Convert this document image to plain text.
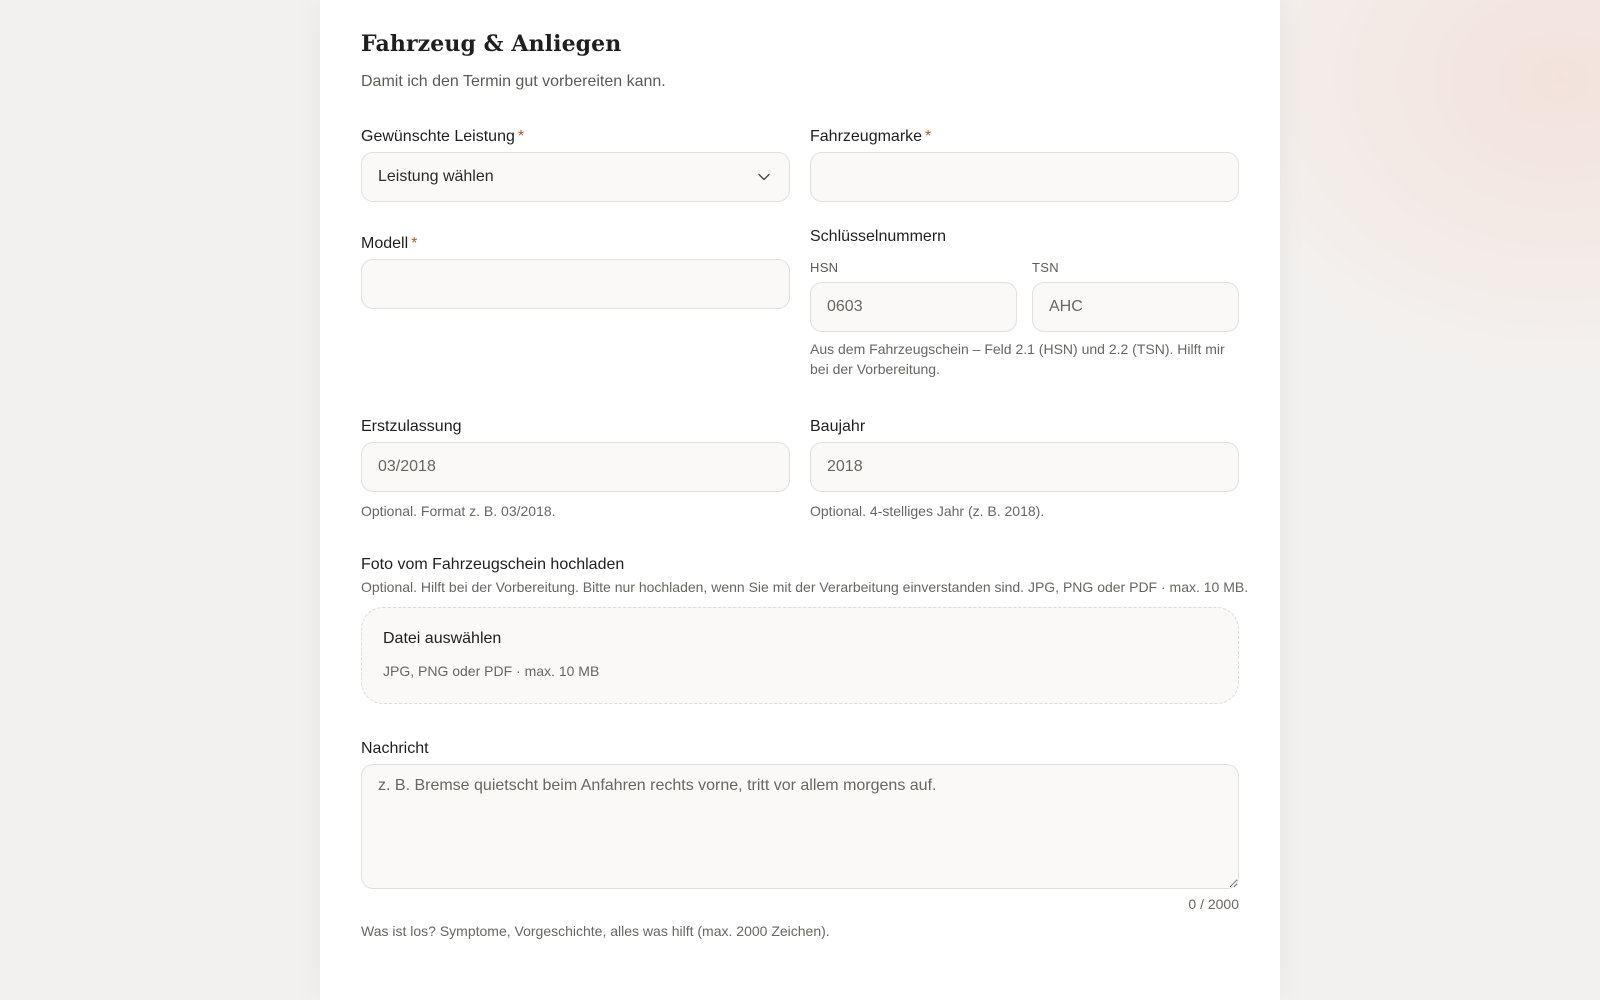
Fahrzeug & Anliegen

Damit ich den Termin gut vorbereiten kann.

Gewünschte Leistung *
Leistung wählen
Fahrzeugmarke *
Modell *	Schlüsselnummern
HSN
0603	TSN
AHC
Aus dem Fahrzeugschein – Feld 2.1 (HSN) und 2.2 (TSN). Hilft mir bei der Vorbereitung.
Erstzulassung
03/2018
Optional. Format z. B. 03/2018.
Baujahr
2018
Optional. 4-stelliges Jahr (z. B. 2018).
Foto vom Fahrzeugschein hochladen
Optional. Hilft bei der Vorbereitung. Bitte nur hochladen, wenn Sie mit der Verarbeitung einverstanden sind. JPG, PNG oder PDF · max. 10 MB.
Datei auswählen
JPG, PNG oder PDF · max. 10 MB
Nachricht
z. B. Bremse quietscht beim Anfahren rechts vorne, tritt vor allem morgens auf.
0 / 2000
Was ist los? Symptome, Vorgeschichte, alles was hilft (max. 2000 Zeichen).
